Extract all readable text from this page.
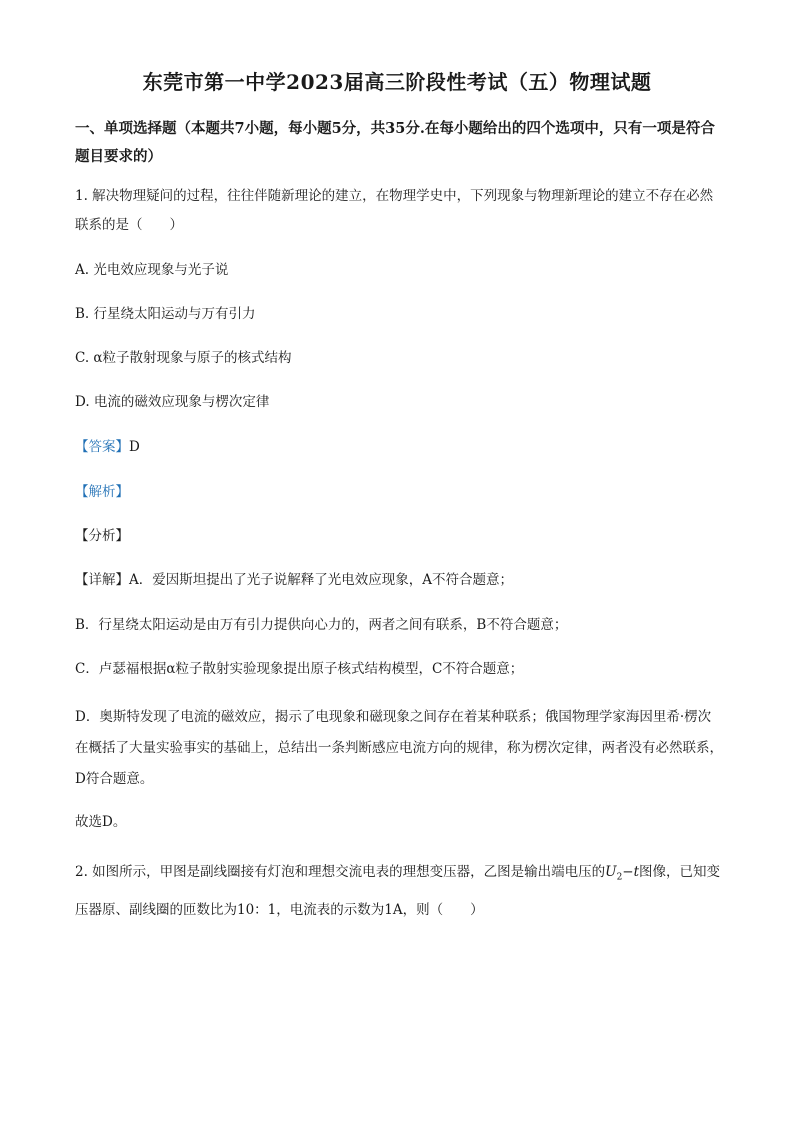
东莞市第一中学2023届高三阶段性考试（五）物理试题
一、单项选择题（本题共7小题，每小题5分，共35分.在每小题给出的四个选项中，只有一项是符合题目要求的）
1. 解决物理疑问的过程，往往伴随新理论的建立，在物理学史中，下列现象与物理新理论的建立不存在必然联系的是（　　）
A. 光电效应现象与光子说
B. 行星绕太阳运动与万有引力
C. α粒子散射现象与原子的核式结构
D. 电流的磁效应现象与楞次定律
【答案】D
【解析】
【分析】
【详解】A．爱因斯坦提出了光子说解释了光电效应现象，A不符合题意；
B．行星绕太阳运动是由万有引力提供向心力的，两者之间有联系，B不符合题意；
C．卢瑟福根据α粒子散射实验现象提出原子核式结构模型，C不符合题意；
D．奥斯特发现了电流的磁效应，揭示了电现象和磁现象之间存在着某种联系；俄国物理学家海因里希·楞次在概括了大量实验事实的基础上，总结出一条判断感应电流方向的规律，称为楞次定律，两者没有必然联系，D符合题意。
故选D。
2. 如图所示，甲图是副线圈接有灯泡和理想交流电表的理想变压器，乙图是输出端电压的$U_2-t$图像，已知变压器原、副线圈的匝数比为10：1，电流表的示数为1A，则（　　）
